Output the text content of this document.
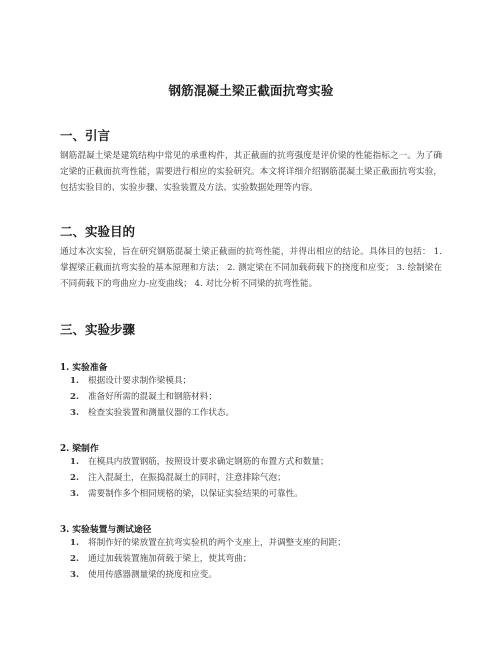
钢筋混凝土梁正截面抗弯实验
一、引言
钢筋混凝土梁是建筑结构中常见的承重构件，其正截面的抗弯强度是评价梁的性能指标之一。为了确定梁的正截面抗弯性能，需要进行相应的实验研究。本文将详细介绍钢筋混凝土梁正截面抗弯实验，包括实验目的、实验步骤、实验装置及方法、实验数据处理等内容。
二、实验目的
通过本次实验，旨在研究钢筋混凝土梁正截面的抗弯性能，并得出相应的结论。具体目的包括： 1. 掌握梁正截面抗弯实验的基本原理和方法； 2. 测定梁在不同加载荷载下的挠度和应变； 3. 绘制梁在不同荷载下的弯曲应力-应变曲线； 4. 对比分析不同梁的抗弯性能。
三、实验步骤
1. 实验准备
1. 根据设计要求制作梁模具；
2. 准备好所需的混凝土和钢筋材料；
3. 检查实验装置和测量仪器的工作状态。
2. 梁制作
1. 在模具内放置钢筋，按照设计要求确定钢筋的布置方式和数量；
2. 注入混凝土，在振捣混凝土的同时，注意排除气泡；
3. 需要制作多个相同规格的梁，以保证实验结果的可靠性。
3. 实验装置与测试途径
1. 将制作好的梁放置在抗弯实验机的两个支座上，并调整支座的间距；
2. 通过加载装置施加荷载于梁上，使其弯曲；
3. 使用传感器测量梁的挠度和应变。
